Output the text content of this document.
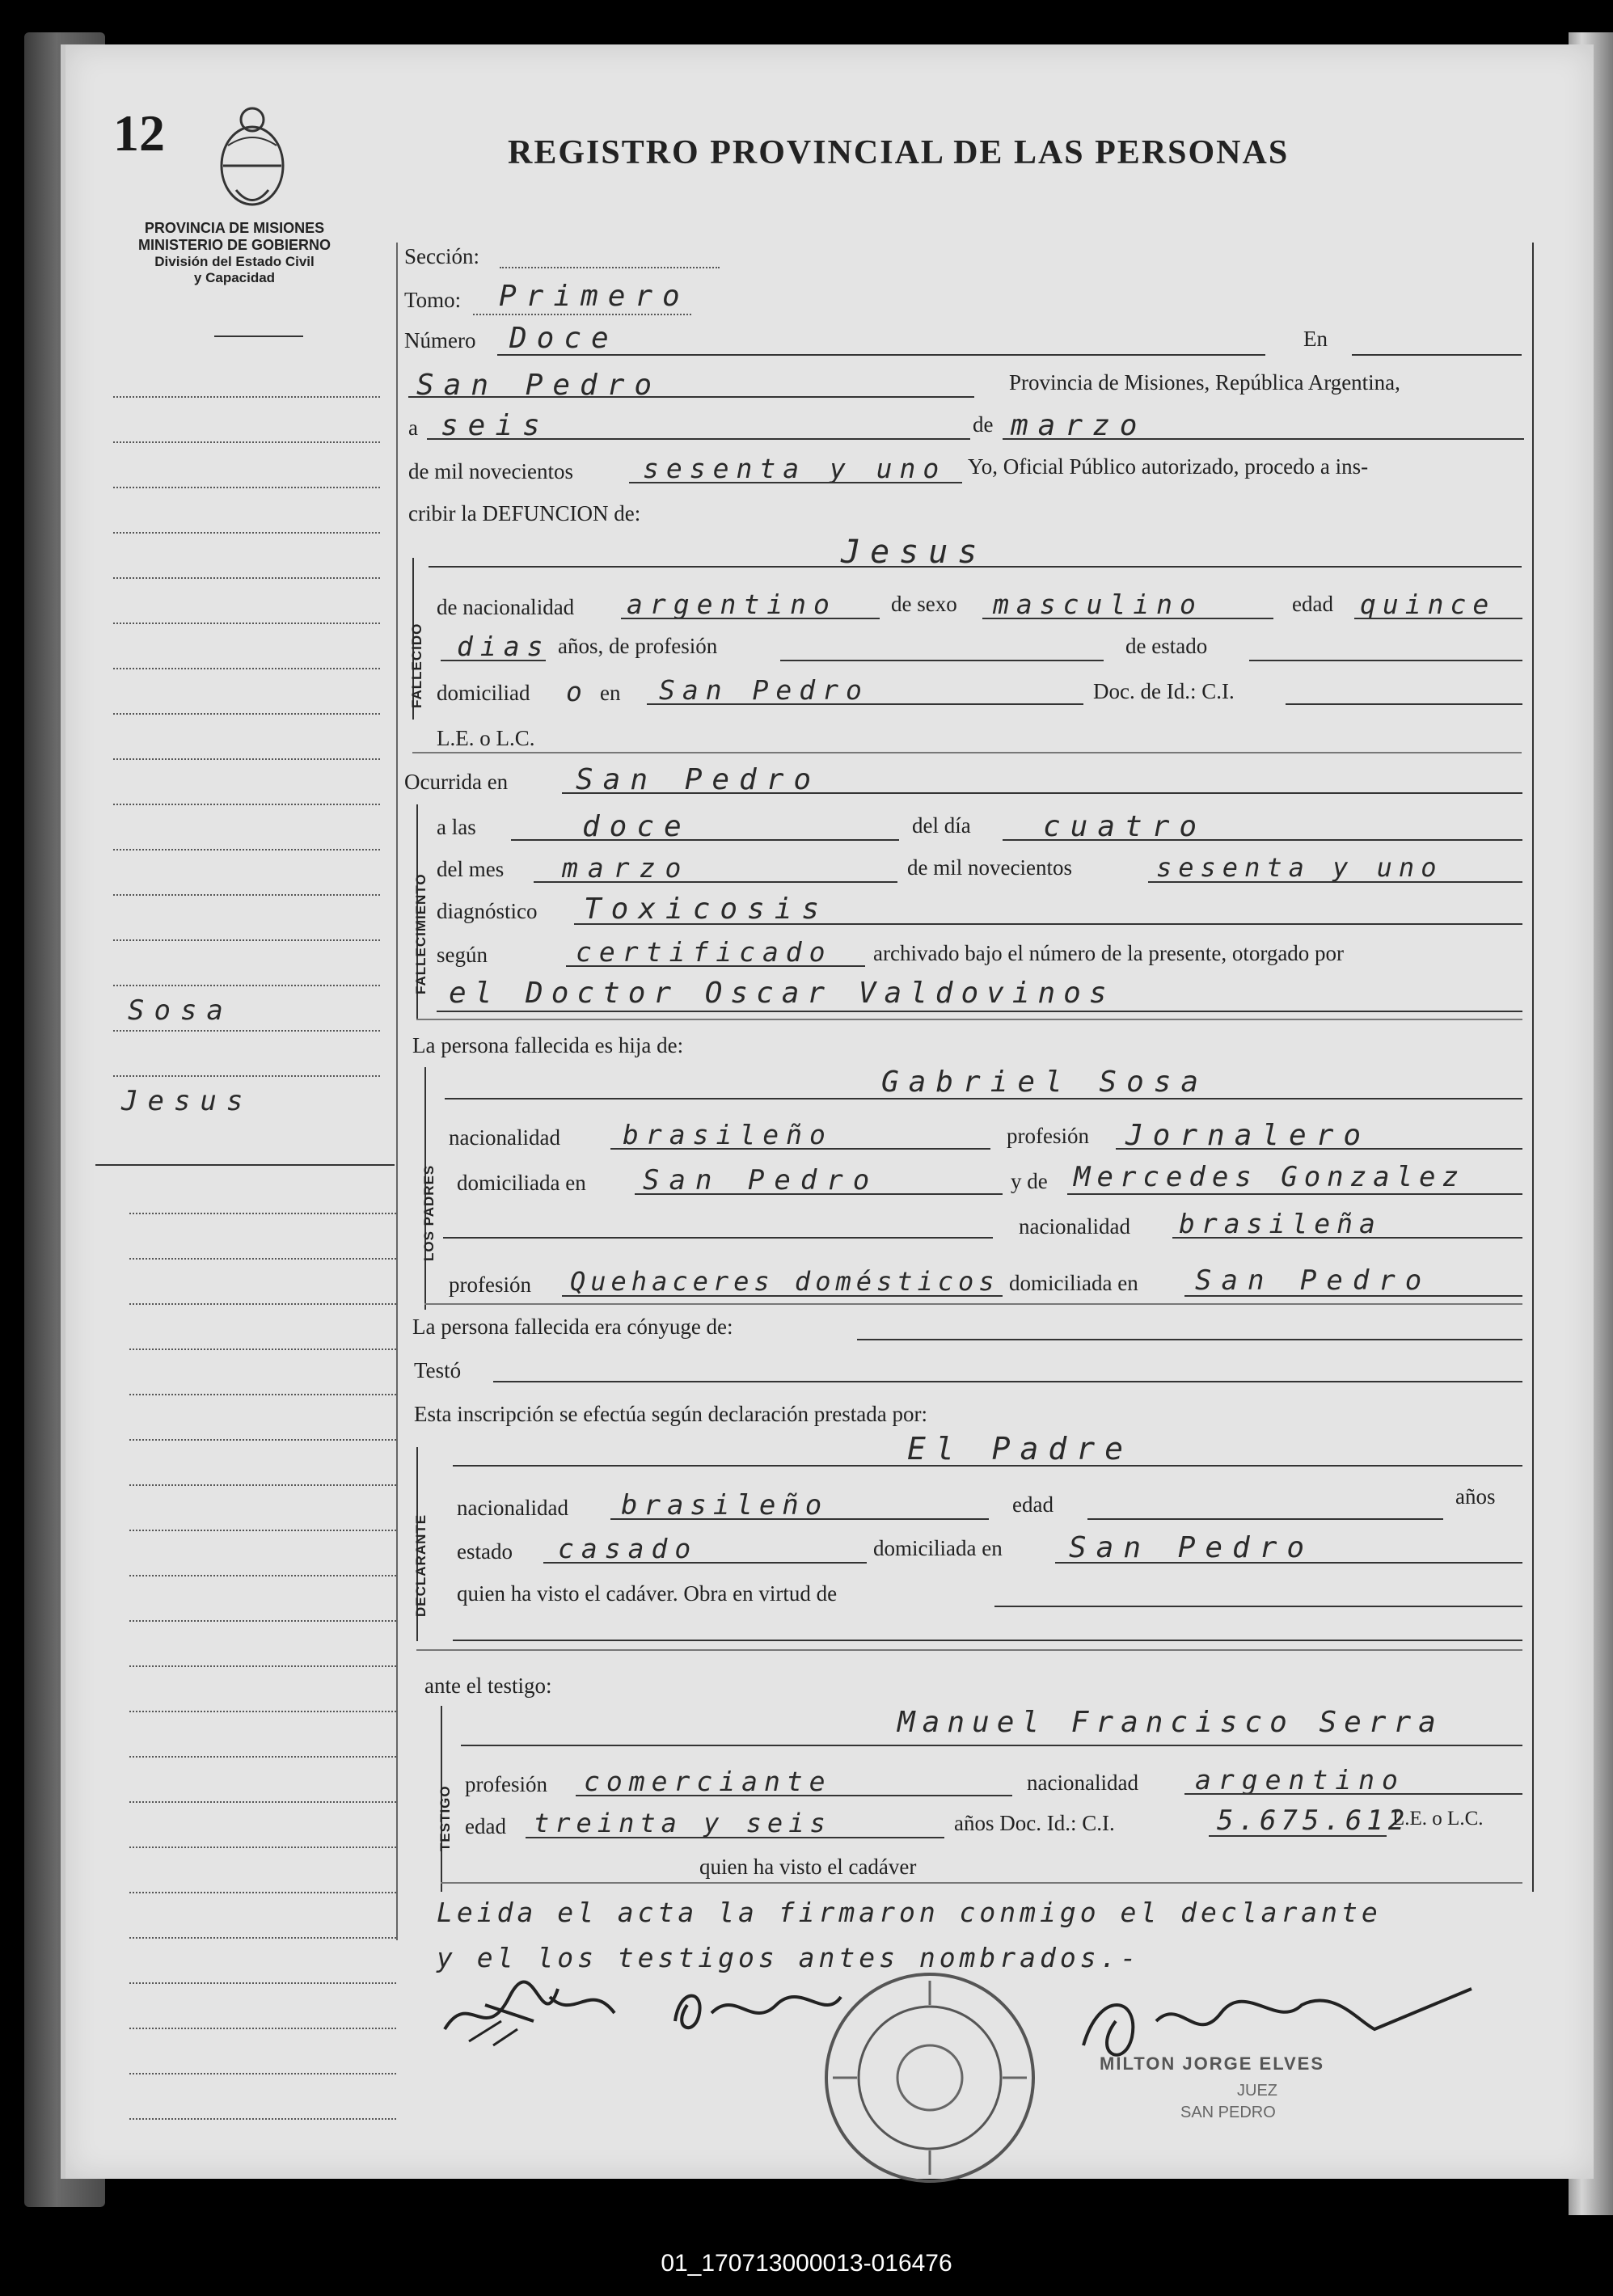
12	REGISTRO PROVINCIAL DE LAS PERSONAS
PROVINCIA DE MISIONES
MINISTERIO DE GOBIERNO
División del Estado Civil
y Capacidad
Sosa
Jesus
Sección:
Tomo: Primero
Número Doce	En
San Pedro	Provincia de Misiones, República Argentina,
a seis	de marzo
de mil novecientos	sesenta y uno Yo, Oficial Público autorizado, procedo a ins-
cribir la DEFUNCION de:
FALLECIDO
Jesus
de nacionalidad argentino de sexo masculino	edad quince
dias años, de profesión	de estado
domiciliad o en San Pedro	Doc. de Id.: C.I.
L.E. o L.C.
Ocurrida en San Pedro
FALLECIMIENTO
a las	doce	del día cuatro
del mes marzo	de mil novecientos	sesenta y uno
diagnóstico Toxicosis
según	certificado archivado bajo el número de la presente, otorgado por
el Doctor Oscar Valdovinos
La persona fallecida es hija de:
LOS PADRES
Gabriel Sosa
nacionalidad brasileño	profesión Jornalero
domiciliada en San Pedro	y de Mercedes Gonzalez
nacionalidad brasileña
profesión Quehaceres domésticos domiciliada en San Pedro
La persona fallecida era cónyuge de:
Testó
Esta inscripción se efectúa según declaración prestada por:
DECLARANTE
El Padre
nacionalidad brasileño	edad	años
estado casado	domiciliada en San Pedro
quien ha visto el cadáver. Obra en virtud de
ante el testigo:
TESTIGO
Manuel Francisco Serra
profesión comerciante	nacionalidad argentino
edad treinta y seis	años Doc. Id.: C.I.	5.675.612
L.E. o L.C.
quien ha visto el cadáver
Leida el acta la firmaron conmigo el declarante
y el los testigos antes nombrados.-
MILTON JORGE ELVES
JUEZ
SAN PEDRO
01_170713000013-016476
